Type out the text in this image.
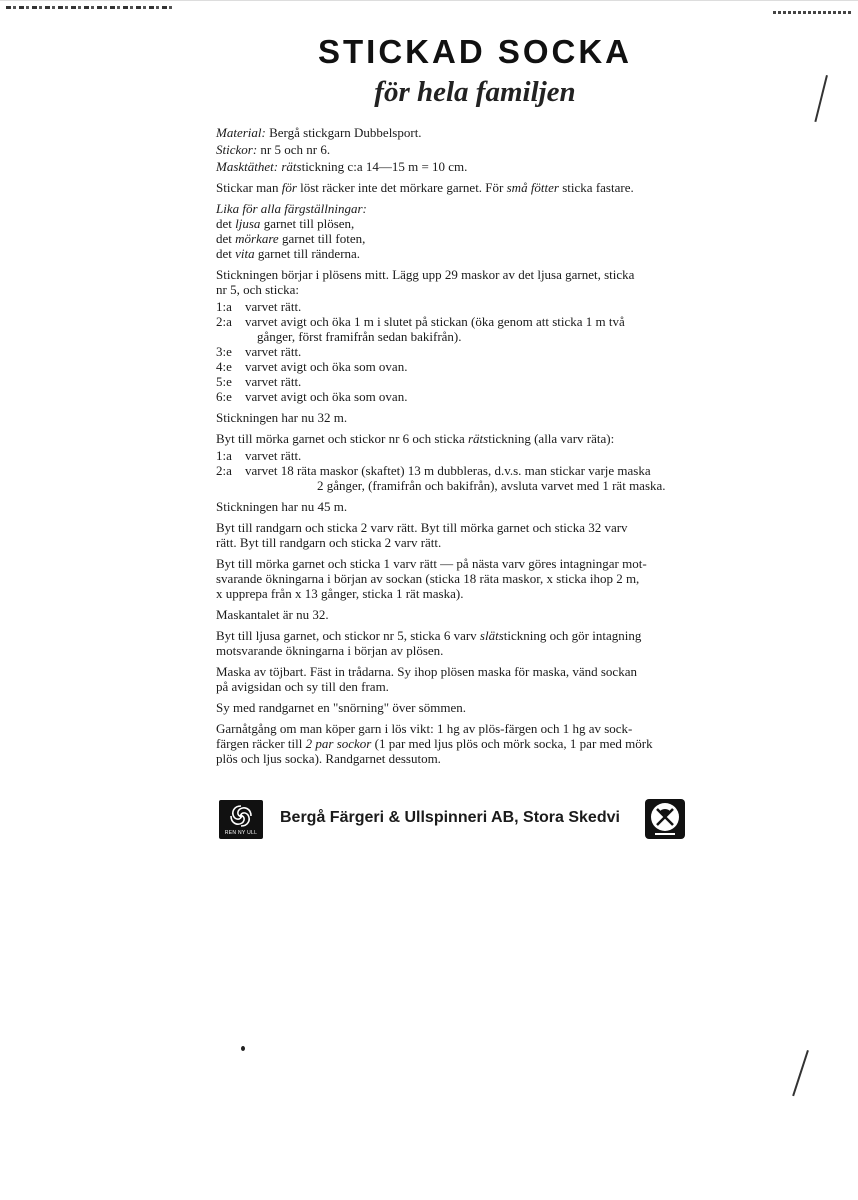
STICKAD SOCKA
för hela familjen

Material: Bergå stickgarn Dubbelsport.

Stickor: nr 5 och nr 6.

Masktäthet: rätstickning c:a 14—15 m = 10 cm.

Stickar man för löst räcker inte det mörkare garnet. För små fötter sticka fastare.

Lika för alla färgställningar:
det ljusa garnet till plösen,
det mörkare garnet till foten,
det vita garnet till ränderna.
Stickningen börjar i plösens mitt. Lägg upp 29 maskor av det ljusa garnet, sticka
nr 5, och sticka:
1:a	varvet rätt.
2:a	varvet avigt och öka 1 m i slutet på stickan (öka genom att sticka 1 m två
gånger, först framifrån sedan bakifrån).
3:e	varvet rätt.
4:e	varvet avigt och öka som ovan.
5:e	varvet rätt.
6:e	varvet avigt och öka som ovan.

Stickningen har nu 32 m.

Byt till mörka garnet och stickor nr 6 och sticka rätstickning (alla varv räta):

1:a	varvet rätt.
2:a	varvet 18 räta maskor (skaftet) 13 m dubbleras, d.v.s. man stickar varje maska
2 gånger, (framifrån och bakifrån), avsluta varvet med 1 rät maska.

Stickningen har nu 45 m.

Byt till randgarn och sticka 2 varv rätt. Byt till mörka garnet och sticka 32 varv
rätt. Byt till randgarn och sticka 2 varv rätt.
Byt till mörka garnet och sticka 1 varv rätt — på nästa varv göres intagningar mot-
svarande ökningarna i början av sockan (sticka 18 räta maskor, x sticka ihop 2 m,
x upprepa från x 13 gånger, sticka 1 rät maska).

Maskantalet är nu 32.

Byt till ljusa garnet, och stickor nr 5, sticka 6 varv slätstickning och gör intagning
motsvarande ökningarna i början av plösen.
Maska av töjbart. Fäst in trådarna. Sy ihop plösen maska för maska, vänd sockan
på avigsidan och sy till den fram.

Sy med randgarnet en "snörning" över sömmen.

Garnåtgång om man köper garn i lös vikt: 1 hg av plös-färgen och 1 hg av sock-
färgen räcker till 2 par sockor (1 par med ljus plös och mörk socka, 1 par med mörk
plös och ljus socka). Randgarnet dessutom.
REN NY ULL
Bergå Färgeri & Ullspinneri AB, Stora Skedvi
